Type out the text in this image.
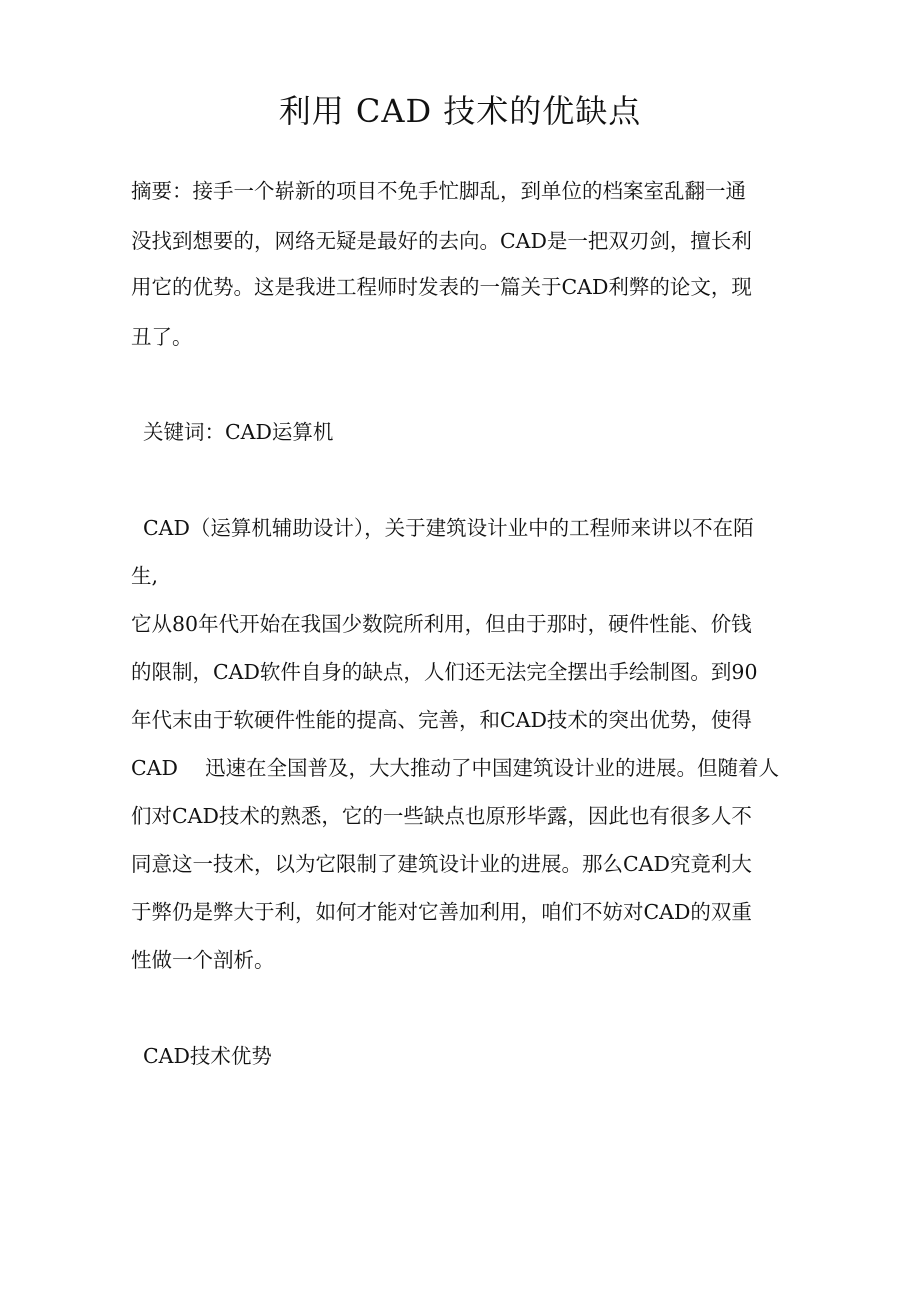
利用 CAD 技术的优缺点
摘要：接手一个崭新的项目不免手忙脚乱，到单位的档案室乱翻一通
没找到想要的，网络无疑是最好的去向。CAD是一把双刃剑，擅长利
用它的优势。这是我进工程师时发表的一篇关于CAD利弊的论文，现
丑了。
关键词：CAD运算机
CAD（运算机辅助设计），关于建筑设计业中的工程师来讲以不在陌
生,
它从80年代开始在我国少数院所利用，但由于那时，硬件性能、价钱
的限制，CAD软件自身的缺点，人们还无法完全摆出手绘制图。到90
年代末由于软硬件性能的提高、完善，和CAD技术的突出优势，使得
CAD　 迅速在全国普及，大大推动了中国建筑设计业的进展。但随着人
们对CAD技术的熟悉，它的一些缺点也原形毕露，因此也有很多人不
同意这一技术，以为它限制了建筑设计业的进展。那么CAD究竟利大
于弊仍是弊大于利，如何才能对它善加利用，咱们不妨对CAD的双重
性做一个剖析。
CAD技术优势
